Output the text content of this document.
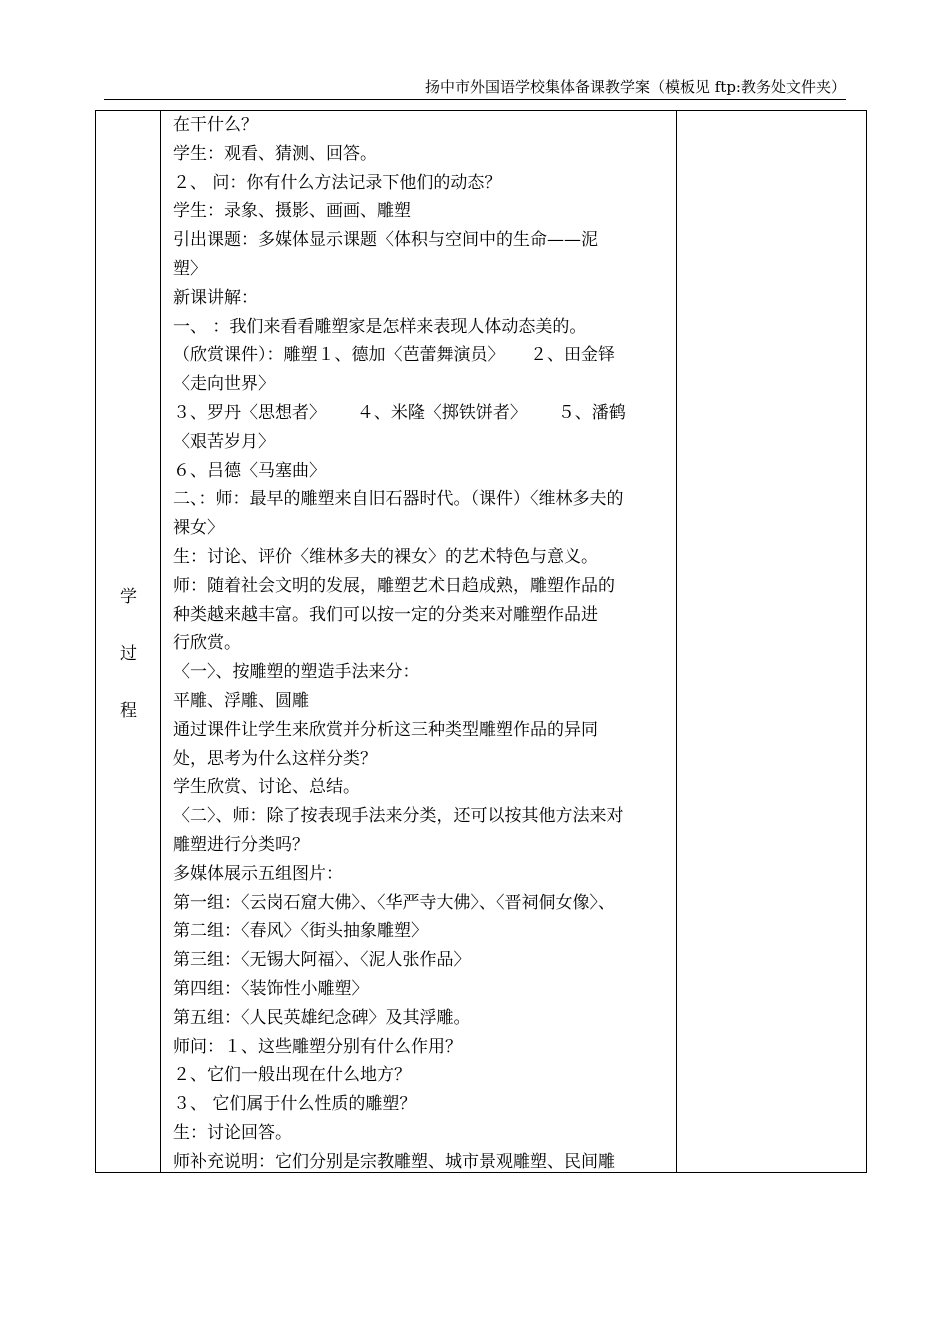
扬中市外国语学校集体备课教学案（模板见 ftp:教务处文件夹）
学
过
程
在干什么？
学生：观看、猜测、回答。
２、 问：你有什么方法记录下他们的动态？
学生：录象、摄影、画画、雕塑
引出课题：多媒体显示课题〈体积与空间中的生命——泥
塑〉
新课讲解：
一、 ：我们来看看雕塑家是怎样来表现人体动态美的。
（欣赏课件）：雕塑１、德加〈芭蕾舞演员〉　　２、田金铎
〈走向世界〉
３、罗丹〈思想者〉　　 ４、米隆〈掷铁饼者〉　　 ５、潘鹤
〈艰苦岁月〉
６、吕德〈马塞曲〉
二、：师：最早的雕塑来自旧石器时代。（课件）〈维林多夫的
裸女〉
生：讨论、评价〈维林多夫的裸女〉的艺术特色与意义。
师：随着社会文明的发展，雕塑艺术日趋成熟，雕塑作品的
种类越来越丰富。我们可以按一定的分类来对雕塑作品进
行欣赏。
〈一〉、按雕塑的塑造手法来分：
平雕、浮雕、圆雕
通过课件让学生来欣赏并分析这三种类型雕塑作品的异同
处，思考为什么这样分类？
学生欣赏、讨论、总结。
〈二〉、师：除了按表现手法来分类，还可以按其他方法来对
雕塑进行分类吗？
多媒体展示五组图片：
第一组：〈云岗石窟大佛〉、〈华严寺大佛〉、〈晋祠侗女像〉、
第二组：〈春风〉〈街头抽象雕塑〉
第三组：〈无锡大阿福〉、〈泥人张作品〉
第四组：〈装饰性小雕塑〉
第五组：〈人民英雄纪念碑〉及其浮雕。
师问：１、这些雕塑分别有什么作用？
２、它们一般出现在什么地方？
３、 它们属于什么性质的雕塑？
生：讨论回答。
师补充说明：它们分别是宗教雕塑、城市景观雕塑、民间雕
